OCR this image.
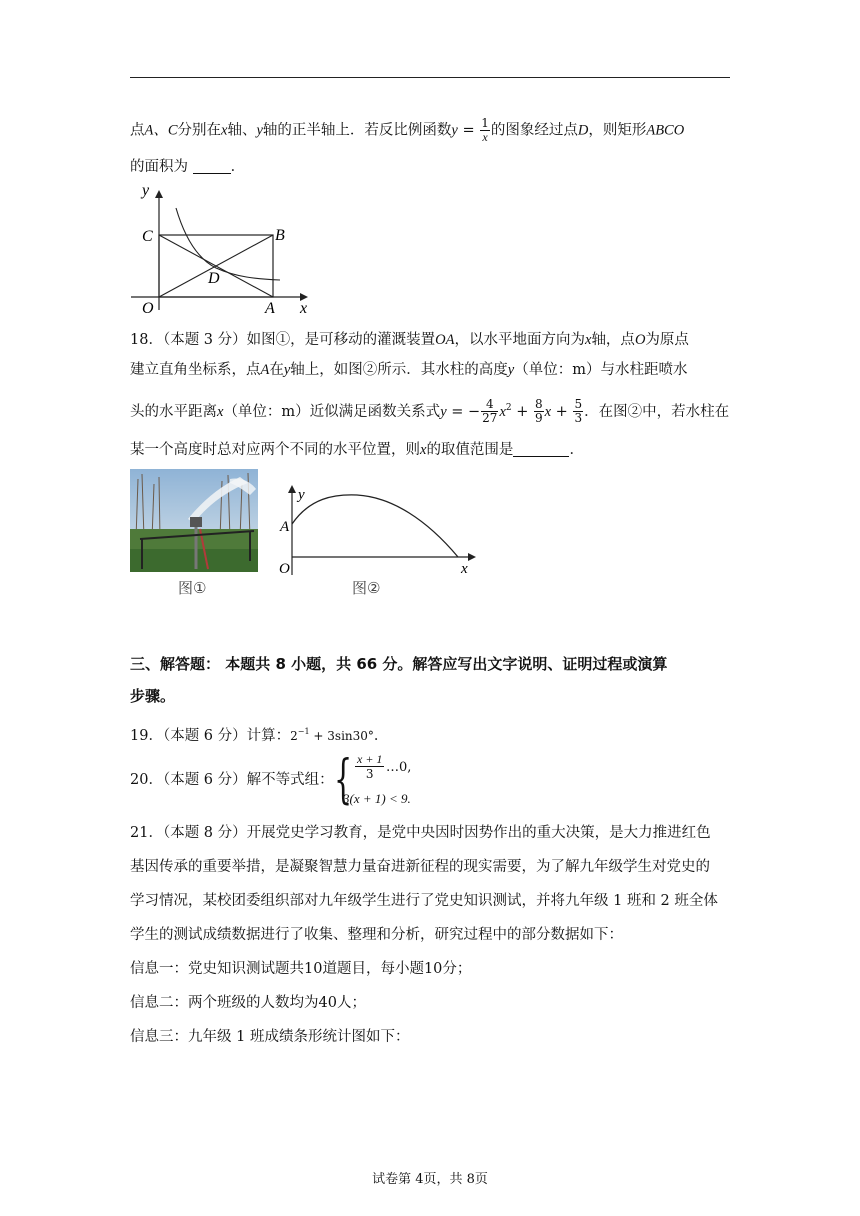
点A、C分别在x轴、y轴的正半轴上．若反比例函数$y = \frac{1}{x}$ 的图象经过点D，则矩形ABCO
的面积为	．
y
x
C	B
D
O	A
18．（本题 3 分）如图①，是可移动的灌溉装置OA，以水平地面方向为x轴，点O为原点
建立直角坐标系，点A在y轴上，如图②所示．其水柱的高度y（单位：m）与水柱距喷水
头的水平距离x（单位：m）近似满足函数关系式y = − $\frac{4}{27} x^2 + \frac{8}{9}$ $x + \frac{5}{3}$ ．在图②中，若水柱在
某一个高度时总对应两个不同的水平位置，则x的取值范围是	．
图①
y
A
O	x
图②
三、解答题： 本题共 8 小题，共 66 分。解答应写出文字说明、证明过程或演算
步骤。
19．（本题 6 分）计算：$2^{-1} + 3\sin 30^\circ$．
20．（本题 6 分）解不等式组： { x + 1
3 …0,
3(x + 1) < 9.
21．（本题 8 分）开展党史学习教育，是党中央因时因势作出的重大决策，是大力推进红色
基因传承的重要举措，是凝聚智慧力量奋进新征程的现实需要，为了解九年级学生对党史的
学习情况，某校团委组织部对九年级学生进行了党史知识测试，并将九年级 1 班和 2 班全体
学生的测试成绩数据进行了收集、整理和分析，研究过程中的部分数据如下：
信息一：党史知识测试题共10道题目，每小题10分；
信息二：两个班级的人数均为40人；
信息三：九年级 1 班成绩条形统计图如下：
试卷第 4页，共 8页
